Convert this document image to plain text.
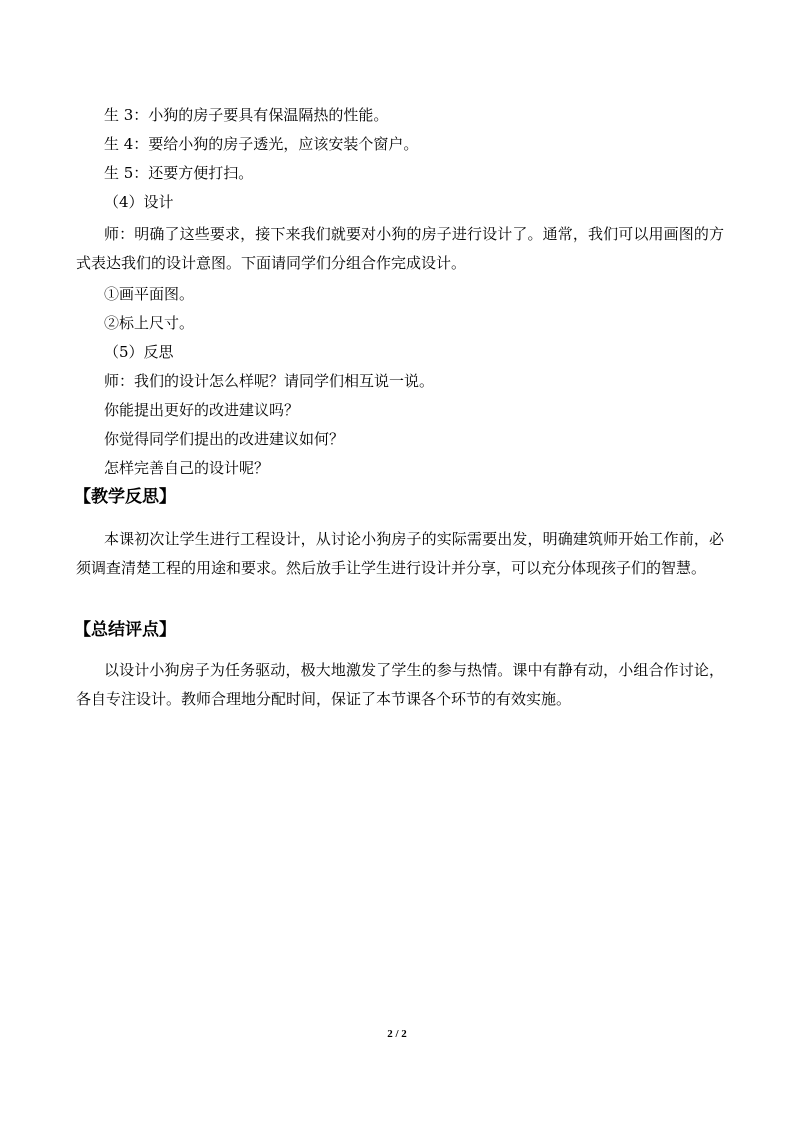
生 3：小狗的房子要具有保温隔热的性能。
生 4：要给小狗的房子透光，应该安装个窗户。
生 5：还要方便打扫。
（4）设计
师：明确了这些要求，接下来我们就要对小狗的房子进行设计了。通常，我们可以用画图的方式表达我们的设计意图。下面请同学们分组合作完成设计。
①画平面图。
②标上尺寸。
（5）反思
师：我们的设计怎么样呢？请同学们相互说一说。
你能提出更好的改进建议吗？
你觉得同学们提出的改进建议如何？
怎样完善自己的设计呢？
【教学反思】
本课初次让学生进行工程设计，从讨论小狗房子的实际需要出发，明确建筑师开始工作前，必须调查清楚工程的用途和要求。然后放手让学生进行设计并分享，可以充分体现孩子们的智慧。
【总结评点】
以设计小狗房子为任务驱动，极大地激发了学生的参与热情。课中有静有动，小组合作讨论，各自专注设计。教师合理地分配时间，保证了本节课各个环节的有效实施。
2 / 2
